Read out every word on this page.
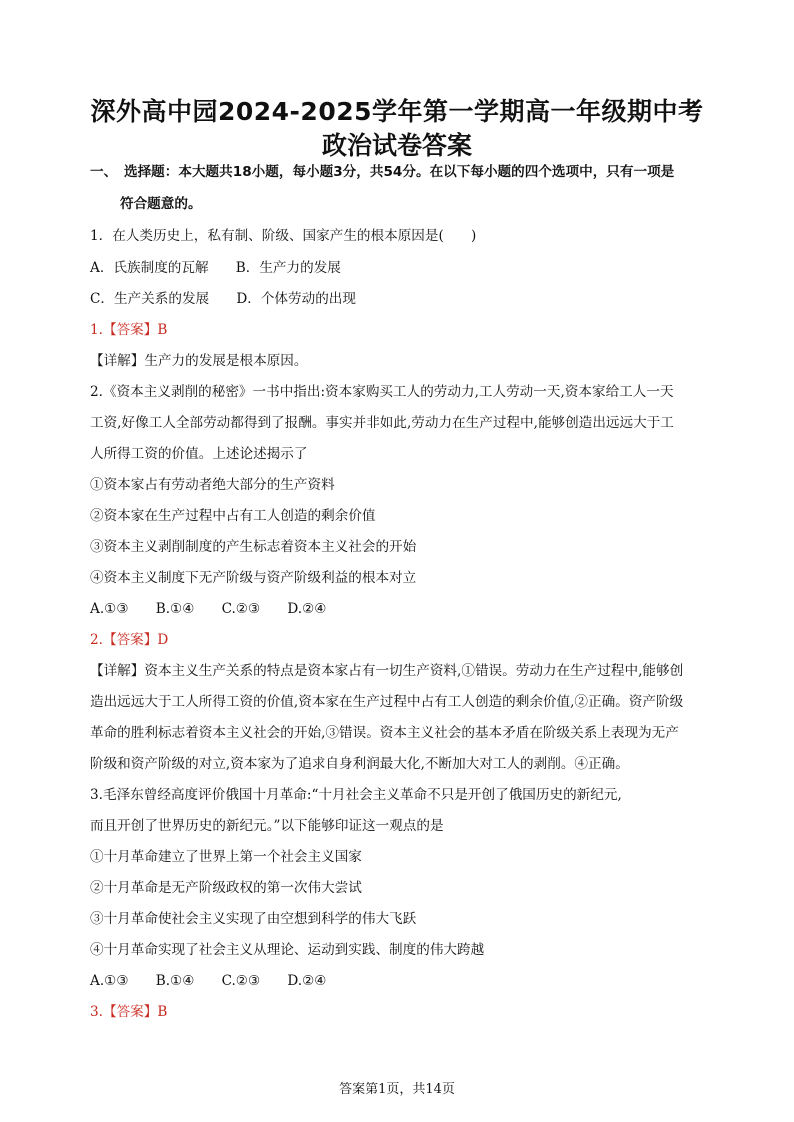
深外高中园2024-2025学年第一学期高一年级期中考
政治试卷答案
一、 选择题：本大题共18小题，每小题3分，共54分。在以下每小题的四个选项中，只有一项是
符合题意的。
1．在人类历史上，私有制、阶级、国家产生的根本原因是(　　)
A．氏族制度的瓦解　　B．生产力的发展
C．生产关系的发展　　D．个体劳动的出现
1.【答案】B
【详解】生产力的发展是根本原因。
2.《资本主义剥削的秘密》一书中指出:资本家购买工人的劳动力,工人劳动一天,资本家给工人一天
工资,好像工人全部劳动都得到了报酬。事实并非如此,劳动力在生产过程中,能够创造出远远大于工
人所得工资的价值。上述论述揭示了
①资本家占有劳动者绝大部分的生产资料
②资本家在生产过程中占有工人创造的剩余价值
③资本主义剥削制度的产生标志着资本主义社会的开始
④资本主义制度下无产阶级与资产阶级利益的根本对立
A.①③　　B.①④　　C.②③　　D.②④
2.【答案】D
【详解】资本主义生产关系的特点是资本家占有一切生产资料,①错误。劳动力在生产过程中,能够创
造出远远大于工人所得工资的价值,资本家在生产过程中占有工人创造的剩余价值,②正确。资产阶级
革命的胜利标志着资本主义社会的开始,③错误。资本主义社会的基本矛盾在阶级关系上表现为无产
阶级和资产阶级的对立,资本家为了追求自身利润最大化,不断加大对工人的剥削。④正确。
3.毛泽东曾经高度评价俄国十月革命:“十月社会主义革命不只是开创了俄国历史的新纪元,
而且开创了世界历史的新纪元。”以下能够印证这一观点的是
①十月革命建立了世界上第一个社会主义国家
②十月革命是无产阶级政权的第一次伟大尝试
③十月革命使社会主义实现了由空想到科学的伟大飞跃
④十月革命实现了社会主义从理论、运动到实践、制度的伟大跨越
A.①③　　B.①④　　C.②③　　D.②④
3.【答案】B
答案第1页，共14页
